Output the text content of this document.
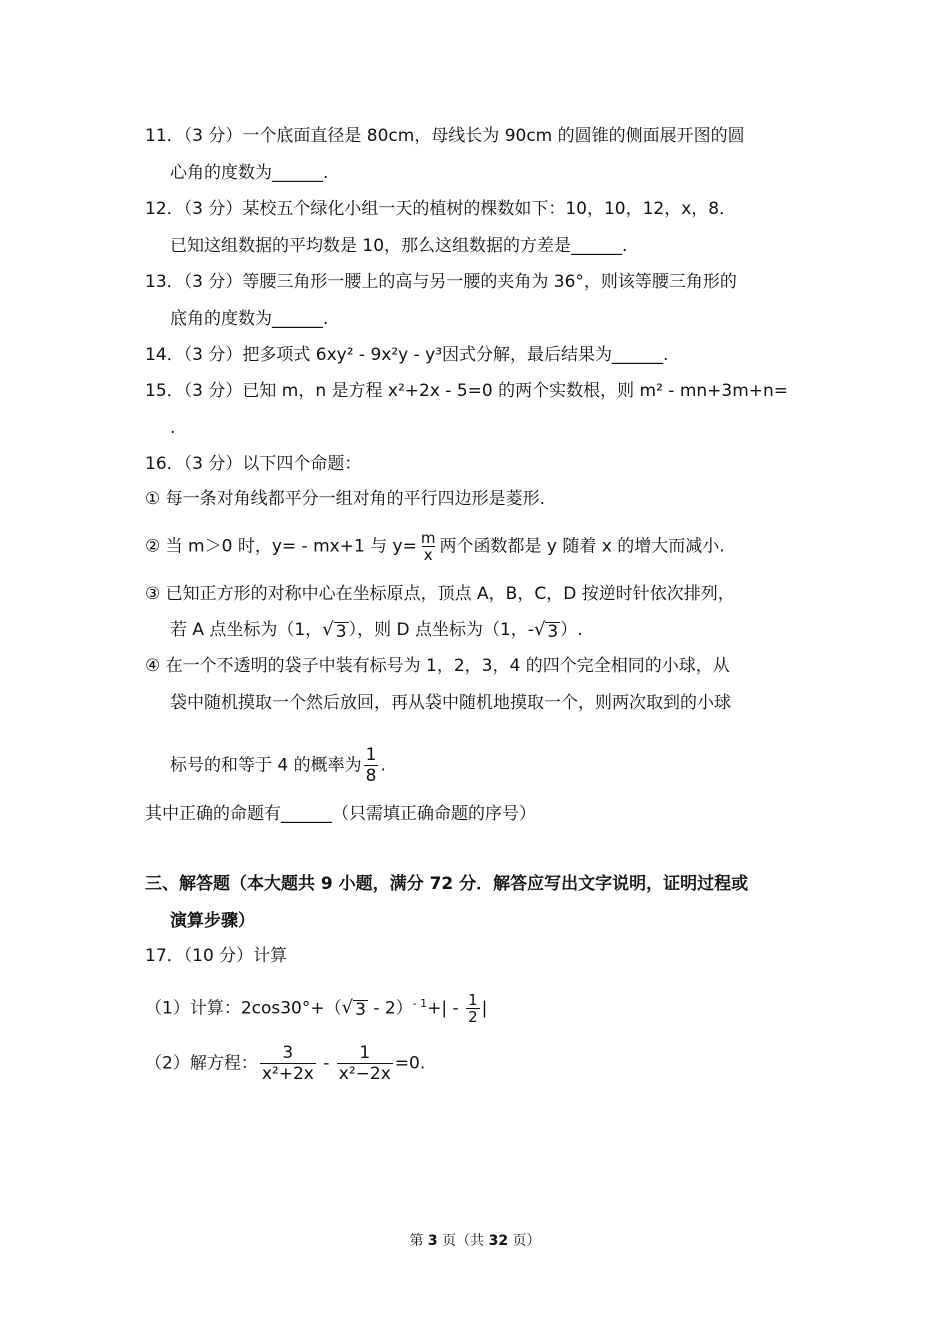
11．（3 分）一个底面直径是 80cm，母线长为 90cm 的圆锥的侧面展开图的圆
心角的度数为______.
12．（3 分）某校五个绿化小组一天的植树的棵数如下：10，10，12，x，8．
已知这组数据的平均数是 10，那么这组数据的方差是______.
13．（3 分）等腰三角形一腰上的高与另一腰的夹角为 36°，则该等腰三角形的
底角的度数为______.
14．（3 分）把多项式 6xy² - 9x²y - y³因式分解，最后结果为______.
15．（3 分）已知 m，n 是方程 x²+2x - 5=0 的两个实数根，则 m² - mn+3m+n=
.
16．（3 分）以下四个命题：
① 每一条对角线都平分一组对角的平行四边形是菱形.
② 当 m＞0 时，y= - mx+1 与 $y= \frac{m}{x}$ 两个函数都是 y 随着 x 的增大而减小.
③ 已知正方形的对称中心在坐标原点，顶点 A，B，C，D 按逆时针依次排列，
若 A 点坐标为（1， √ 3 ），则 D 点坐标为（1，- √ 3 ）.
④ 在一个不透明的袋子中装有标号为 1，2，3，4 的四个完全相同的小球，从
袋中随机摸取一个然后放回，再从袋中随机地摸取一个，则两次取到的小球
标号的和等于 4 的概率为 $\frac{1}{8}$ .
其中正确的命题有______（只需填正确命题的序号）
三、解答题（本大题共 9 小题，满分 72 分．解答应写出文字说明，证明过程或
演算步骤）
17．（10 分）计算
（1）计算：2cos30°+（ √ $3 - 2)^{- 1}+| - \frac{1}{2}$ |
（2）解方程： $\frac{3}{\text{x²+2x}} - \frac{1}{\text{x²−2x}} =0$.
第 3 页（共 32 页）
